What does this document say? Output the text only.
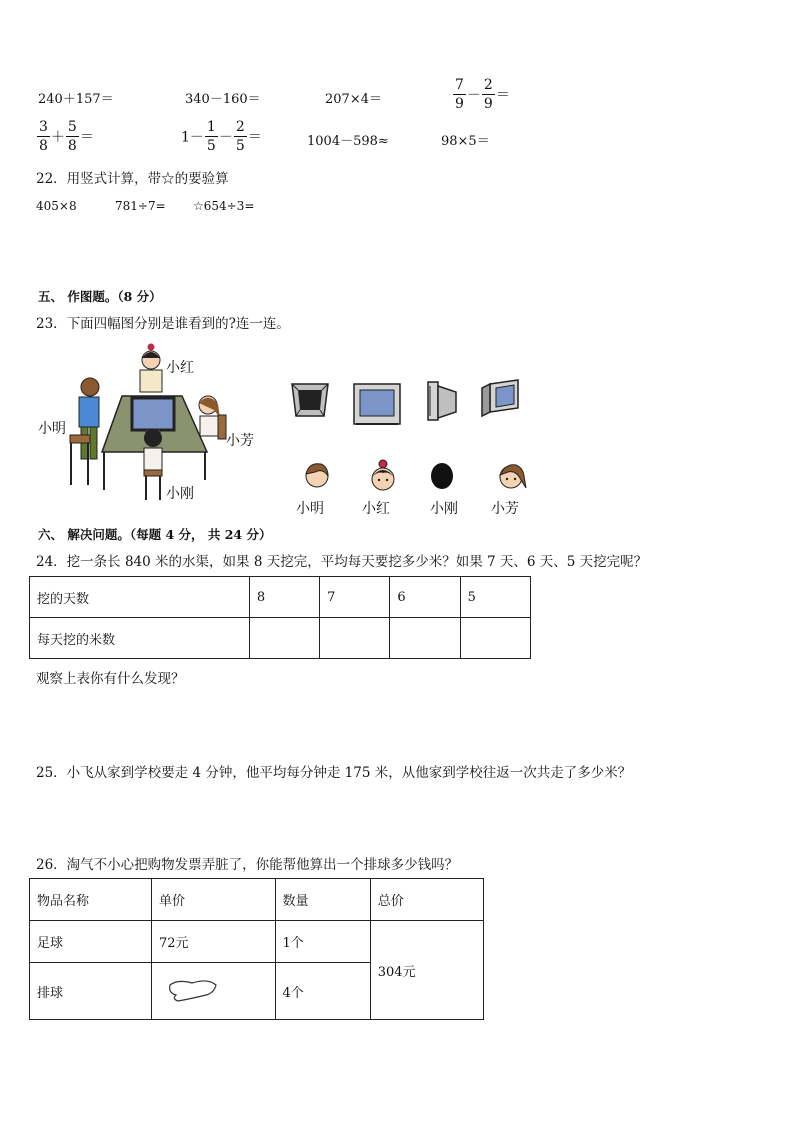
240＋157＝	340－160＝	207×4＝	$\frac{7}{9} - \frac{2}{9}$ ＝
$\frac{3}{8} + \frac{5}{8}$ ＝	$1- \frac{1}{5} - \frac{2}{5}$ ＝	1004－598≈	98×5＝
22．用竖式计算，带☆的要验算
405×8	781÷7= ☆654÷3=
五、 作图题。（8 分）
23．下面四幅图分别是谁看到的?连一连。
小红
小明
小芳
小刚
小明	小红	小刚 小芳
六、 解决问题。（每题 4 分， 共 24 分）
24．挖一条长 840 米的水渠，如果 8 天挖完，平均每天要挖多少米？如果 7 天、6 天、5 天挖完呢？
挖的天数	8	7	6	5
每天挖的米数				
观察上表你有什么发现？
25．小飞从家到学校要走 4 分钟，他平均每分钟走 175 米，从他家到学校往返一次共走了多少米？
26．淘气不小心把购物发票弄脏了，你能帮他算出一个排球多少钱吗？
物品名称	单价	数量	总价
足球	72元	1个	304元
排球		4个	
